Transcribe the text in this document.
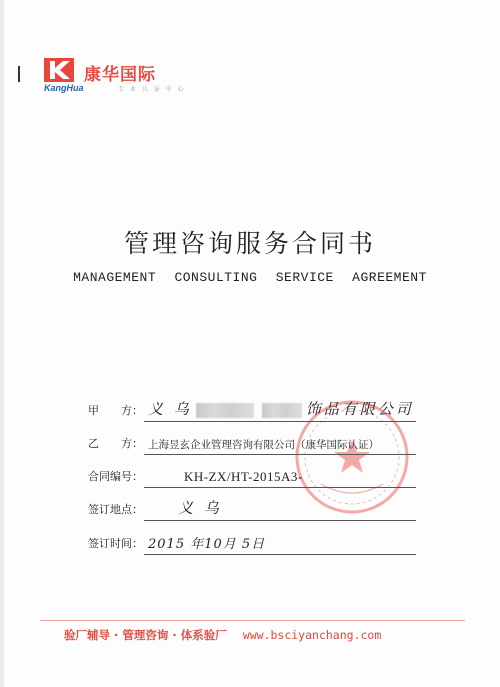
康华国际
KangHua	专 业 认 证 中 心
管理咨询服务合同书
MANAGEMENT CONSULTING SERVICE AGREEMENT
甲　　方： 义 乌	饰品有限公司
乙　　方： 上海昱玄企业管理咨询有限公司（康华国际认证）
合同编号：	KH-ZX/HT-2015A3-
签订地点： 义 乌
签订时间： 2015 年10月 5日
验厂辅导 · 管理咨询 · 体系验厂 www.bsciyanchang.com
